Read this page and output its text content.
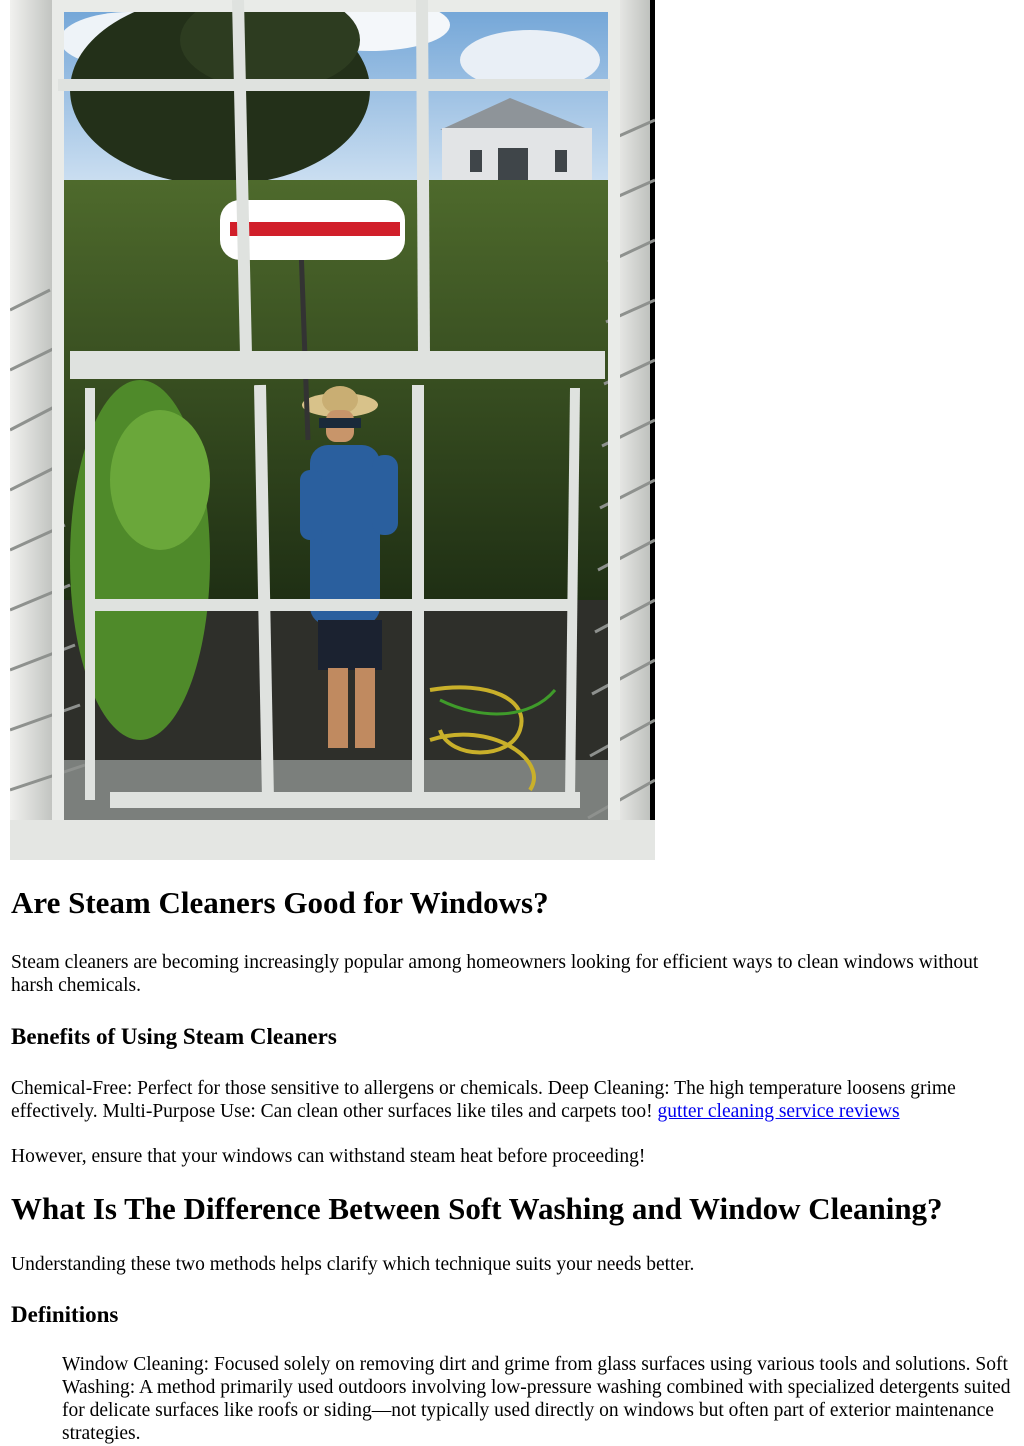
Are Steam Cleaners Good for Windows?

Steam cleaners are becoming increasingly popular among homeowners looking for efficient ways to clean windows without harsh chemicals.

Benefits of Using Steam Cleaners

Chemical-Free: Perfect for those sensitive to allergens or chemicals. Deep Cleaning: The high temperature loosens grime effectively. Multi-Purpose Use: Can clean other surfaces like tiles and carpets too! gutter cleaning service reviews

However, ensure that your windows can withstand steam heat before proceeding!

What Is The Difference Between Soft Washing and Window Cleaning?

Understanding these two methods helps clarify which technique suits your needs better.

Definitions
Window Cleaning: Focused solely on removing dirt and grime from glass surfaces using various tools and solutions. Soft Washing: A method primarily used outdoors involving low-pressure washing combined with specialized detergents suited for delicate surfaces like roofs or siding—not typically used directly on windows but often part of exterior maintenance strategies.
